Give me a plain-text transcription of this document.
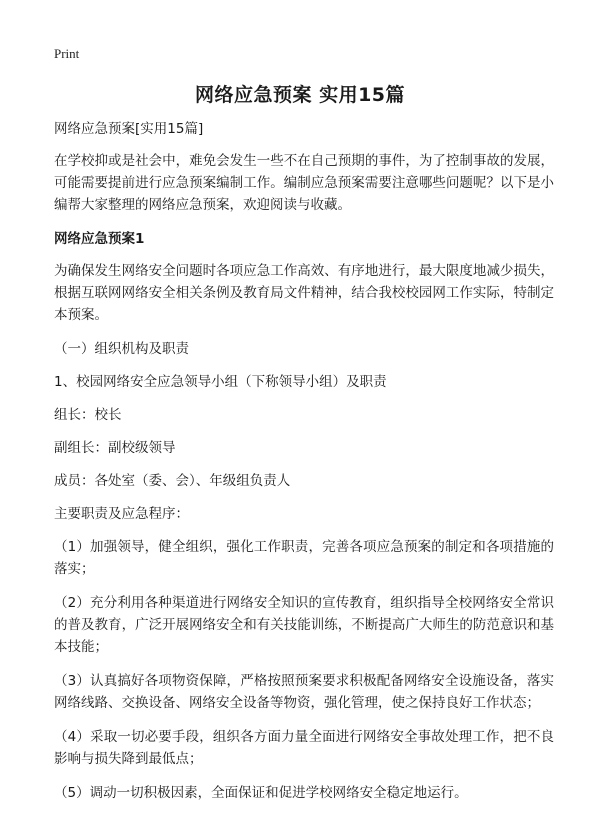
Print
网络应急预案 实用15篇
网络应急预案[实用15篇]
在学校抑或是社会中，难免会发生一些不在自己预期的事件，为了控制事故的发展，可能需要提前进行应急预案编制工作。编制应急预案需要注意哪些问题呢？以下是小编帮大家整理的网络应急预案，欢迎阅读与收藏。
网络应急预案1
为确保发生网络安全问题时各项应急工作高效、有序地进行，最大限度地减少损失，根据互联网网络安全相关条例及教育局文件精神，结合我校校园网工作实际，特制定本预案。
（一）组织机构及职责
1、校园网络安全应急领导小组（下称领导小组）及职责
组长：校长
副组长：副校级领导
成员：各处室（委、会）、年级组负责人
主要职责及应急程序：
（1）加强领导，健全组织，强化工作职责，完善各项应急预案的制定和各项措施的落实；
（2）充分利用各种渠道进行网络安全知识的宣传教育，组织指导全校网络安全常识的普及教育，广泛开展网络安全和有关技能训练，不断提高广大师生的防范意识和基本技能；
（3）认真搞好各项物资保障，严格按照预案要求积极配备网络安全设施设备，落实网络线路、交换设备、网络安全设备等物资，强化管理，使之保持良好工作状态；
（4）采取一切必要手段，组织各方面力量全面进行网络安全事故处理工作，把不良影响与损失降到最低点；
（5）调动一切积极因素，全面保证和促进学校网络安全稳定地运行。
